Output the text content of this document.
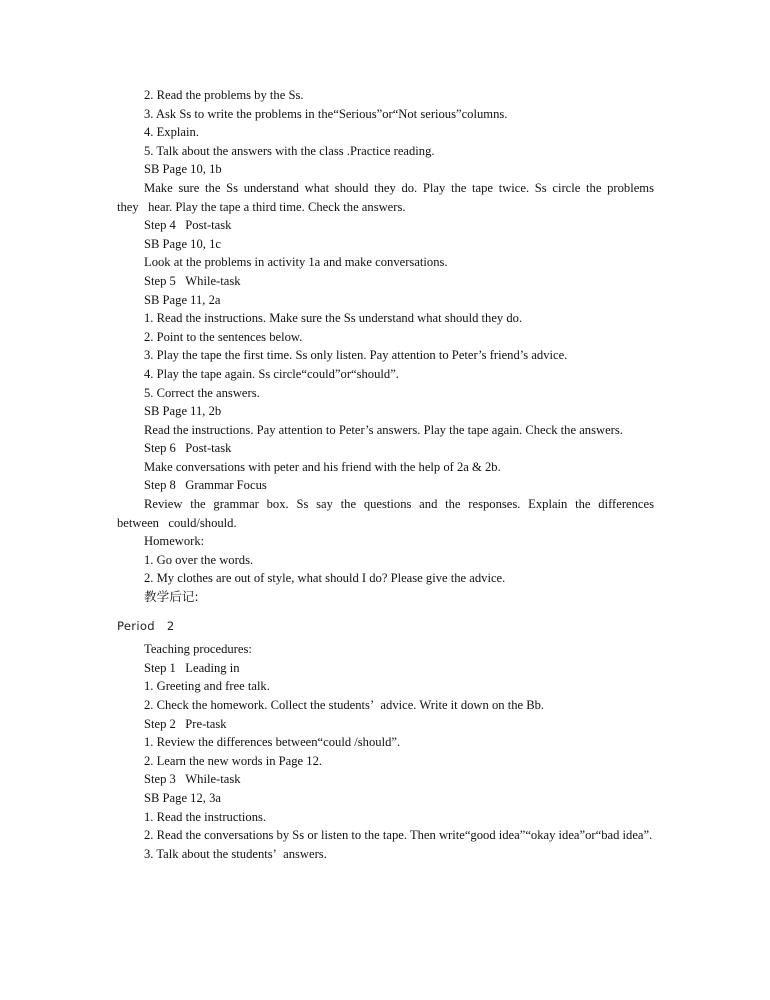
2. Read the problems by the Ss.

3. Ask Ss to write the problems in the“Serious”or“Not serious”columns.

4. Explain.

5. Talk about the answers with the class .Practice reading.

SB Page 10, 1b

Make sure the Ss understand what should they do. Play the tape twice. Ss circle the problems they   hear. Play the tape a third time. Check the answers.

Step 4   Post-task

SB Page 10, 1c

Look at the problems in activity 1a and make conversations.

Step 5   While-task

SB Page 11, 2a

1. Read the instructions. Make sure the Ss understand what should they do.

2. Point to the sentences below.

3. Play the tape the first time. Ss only listen. Pay attention to Peter’s friend’s advice.

4. Play the tape again. Ss circle“could”or“should”.

5. Correct the answers.

SB Page 11, 2b

Read the instructions. Pay attention to Peter’s answers. Play the tape again. Check the answers.

Step 6   Post-task

Make conversations with peter and his friend with the help of 2a & 2b.

Step 8   Grammar Focus

Review the grammar box. Ss say the questions and the responses. Explain the differences between   could/should.

Homework:

1. Go over the words.

2. My clothes are out of style, what should I do? Please give the advice.

教学后记:

Period   2

Teaching procedures:

Step 1   Leading in

1. Greeting and free talk.

2. Check the homework. Collect the students’  advice. Write it down on the Bb.

Step 2   Pre-task

1. Review the differences between“could /should”.

2. Learn the new words in Page 12.

Step 3   While-task

SB Page 12, 3a

1. Read the instructions.

2. Read the conversations by Ss or listen to the tape. Then write“good idea”“okay idea”or“bad idea”.

3. Talk about the students’  answers.
